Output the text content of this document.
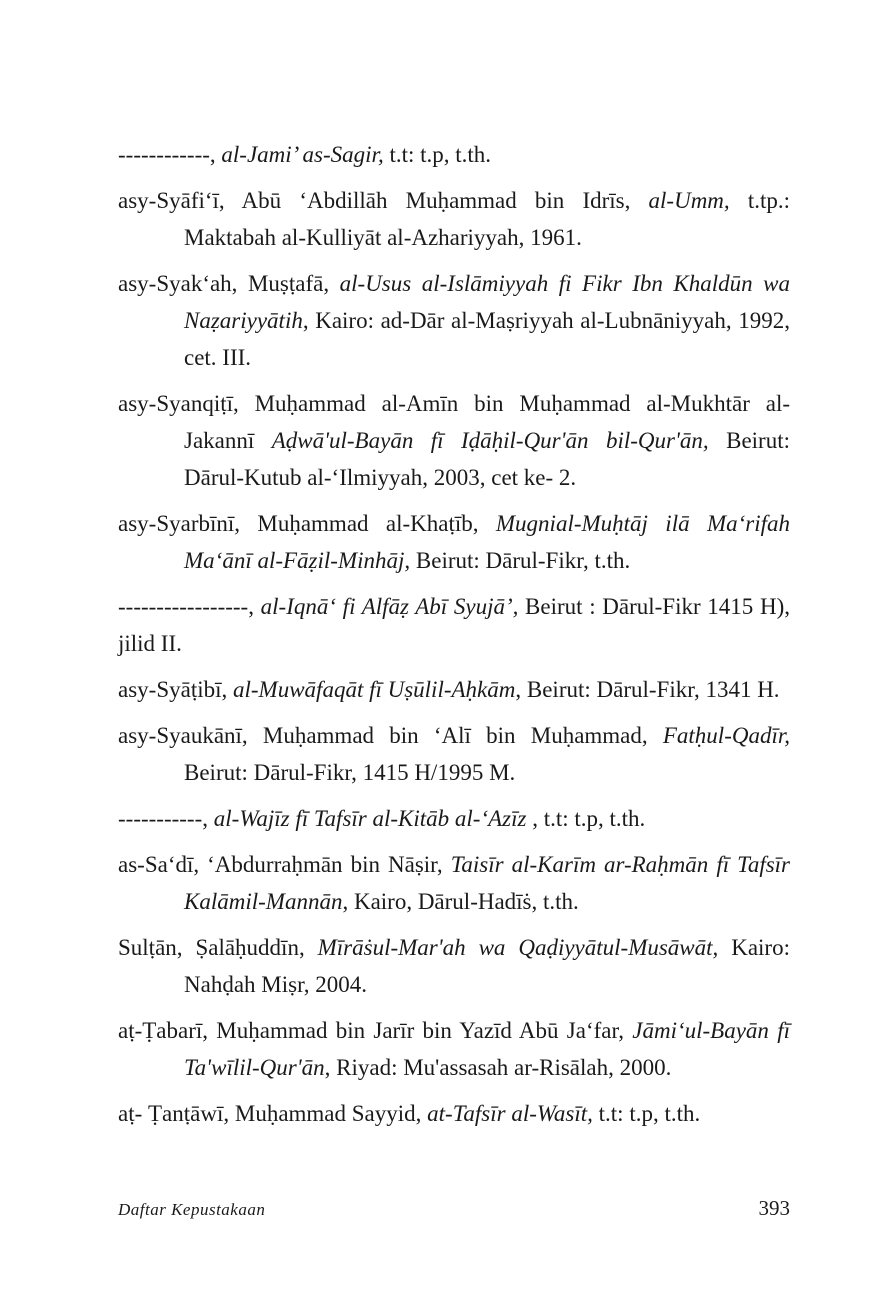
------------, al-Jami’ as-Sagir, t.t: t.p, t.th.

asy-Syāfi‘ī, Abū ‘Abdillāh Muḥammad bin Idrīs, al-Umm, t.tp.: Maktabah al-Kulliyāt al-Azhariyyah, 1961.

asy-Syak‘ah, Muṣṭafā, al-Usus al-Islāmiyyah fi Fikr Ibn Khaldūn wa Naẓariyyātih, Kairo: ad-Dār al-Maṣriyyah al-Lubnāniyyah, 1992, cet. III.

asy-Syanqiṭī, Muḥammad al-Amīn bin Muḥammad al-Mukhtār al-Jakannī Aḍwā'ul-Bayān fī Iḍāḥil-Qur'ān bil-Qur'ān, Beirut: Dārul-Kutub al-‘Ilmiyyah, 2003, cet ke- 2.

asy-Syarbīnī, Muḥammad al-Khaṭīb, Mugnial-Muḥtāj ilā Ma‘rifah Ma‘ānī al-Fāẓil-Minhāj, Beirut: Dārul-Fikr, t.th.

-----------------, al-Iqnā‘ fi Alfāẓ Abī Syujā’, Beirut : Dārul-Fikr 1415 H), jilid II.

asy-Syāṭibī, al-Muwāfaqāt fī Uṣūlil-Aḥkām, Beirut: Dārul-Fikr, 1341 H.

asy-Syaukānī, Muḥammad bin ‘Alī bin Muḥammad, Fatḥul-Qadīr, Beirut: Dārul-Fikr, 1415 H/1995 M.

-----------, al-Wajīz fī Tafsīr al-Kitāb al-‘Azīz , t.t: t.p, t.th.

as-Sa‘dī, ‘Abdurraḥmān bin Nāṣir, Taisīr al-Karīm ar-Raḥmān fī Tafsīr Kalāmil-Mannān, Kairo, Dārul-Hadīṡ, t.th.

Sulṭān, Ṣalāḥuddīn, Mīrāṡul-Mar'ah wa Qaḍiyyātul-Musāwāt, Kairo: Nahḍah Miṣr, 2004.

aṭ-Ṭabarī, Muḥammad bin Jarīr bin Yazīd Abū Ja‘far, Jāmi‘ul-Bayān fī Ta'wīlil-Qur'ān, Riyad: Mu'assasah ar-Risālah, 2000.

aṭ- Ṭanṭāwī, Muḥammad Sayyid, at-Tafsīr al-Wasīt, t.t: t.p, t.th.

Daftar Kepustakaan	393
